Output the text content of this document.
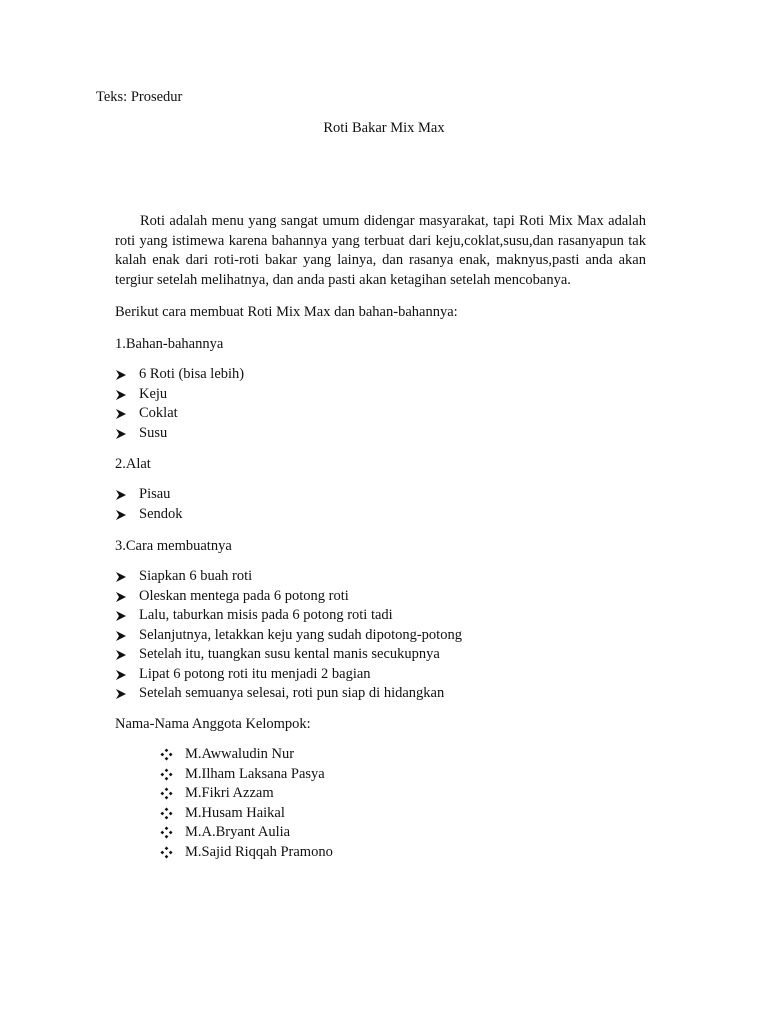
Teks: Prosedur

Roti Bakar Mix Max

Roti adalah menu yang sangat umum didengar masyarakat, tapi Roti Mix Max adalah roti yang istimewa karena bahannya yang terbuat dari keju,coklat,susu,dan rasanyapun tak kalah enak dari roti-roti bakar yang lainya, dan rasanya enak, maknyus,pasti anda akan tergiur setelah melihatnya, dan anda pasti akan ketagihan setelah mencobanya.

Berikut cara membuat Roti Mix Max dan bahan-bahannya:

1.Bahan-bahannya
6 Roti (bisa lebih)
Keju
Coklat
Susu
2.Alat
Pisau
Sendok
3.Cara membuatnya
Siapkan 6 buah roti
Oleskan mentega pada 6 potong roti
Lalu, taburkan misis pada 6 potong roti tadi
Selanjutnya, letakkan keju yang sudah dipotong-potong
Setelah itu, tuangkan susu kental manis secukupnya
Lipat 6 potong roti itu menjadi 2 bagian
Setelah semuanya selesai, roti pun siap di hidangkan

Nama-Nama Anggota Kelompok:

M.Awwaludin Nur
M.Ilham Laksana Pasya
M.Fikri Azzam
M.Husam Haikal
M.A.Bryant Aulia
M.Sajid Riqqah Pramono
